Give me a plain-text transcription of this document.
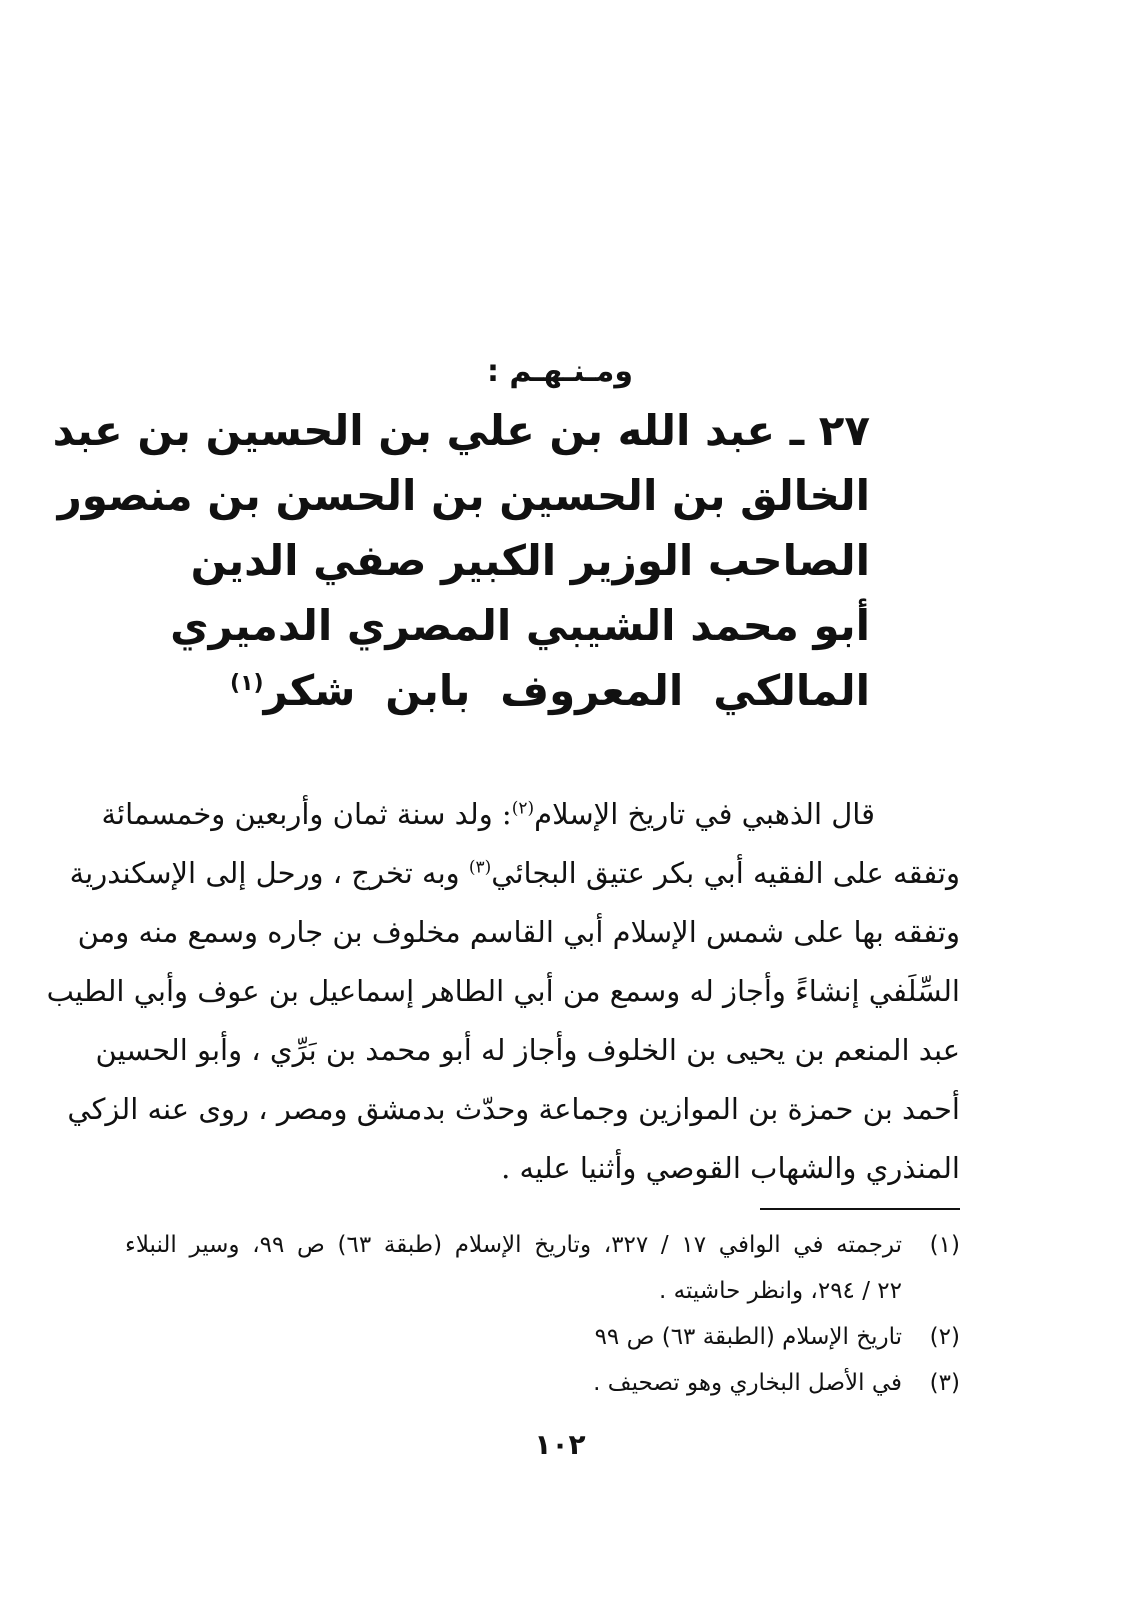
ومـنـهـم :
٢٧ ـ عبد الله بن علي بن الحسين بن عبد
الخالق بن الحسين بن الحسن بن منصور
الصاحب الوزير الكبير صفي الدين
أبو محمد الشيبي المصري الدميري
المالكي المعروف بابن شكر$^{(١)}$
قال الذهبي في تاريخ الإسلام$^{(٢)}$: ولد سنة ثمان وأربعين وخمسمائة
وتفقه على الفقيه أبي بكر عتيق البجائي$^{(٣)}$ وبه تخرج ، ورحل إلى الإسكندرية
وتفقه بها على شمس الإسلام أبي القاسم مخلوف بن جاره وسمع منه ومن
السِّلَفي إنشاءً وأجاز له وسمع من أبي الطاهر إسماعيل بن عوف وأبي الطيب
عبد المنعم بن يحيى بن الخلوف وأجاز له أبو محمد بن بَرِّي ، وأبو الحسين
أحمد بن حمزة بن الموازين وجماعة وحدّث بدمشق ومصر ، روى عنه الزكي
المنذري والشهاب القوصي وأثنيا عليه .
(١)
ترجمته في الوافي ١٧ / ٣٢٧، وتاريخ الإسلام (طبقة ٦٣) ص ٩٩، وسير النبلاء
٢٢ / ٢٩٤، وانظر حاشيته .
(٢)
تاريخ الإسلام (الطبقة ٦٣) ص ٩٩
(٣)
في الأصل البخاري وهو تصحيف .
١٠٢
